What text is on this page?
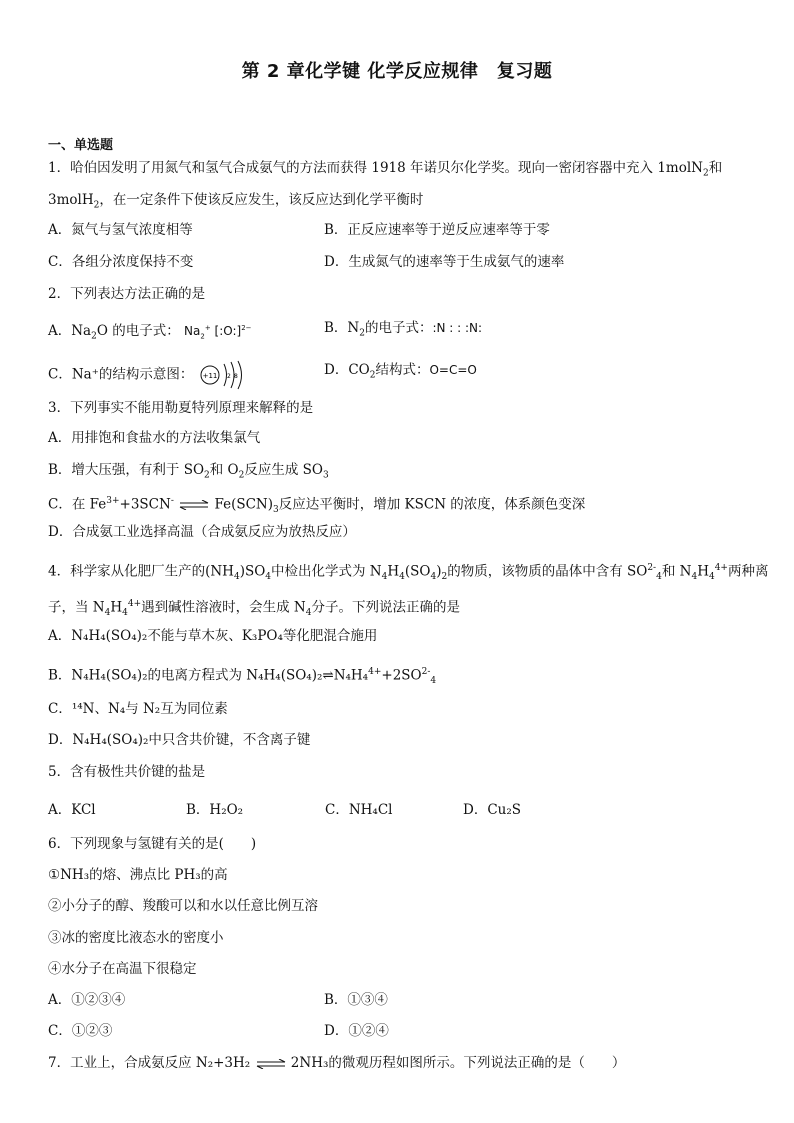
第 2 章化学键 化学反应规律　复习题
一、单选题
1．哈伯因发明了用氮气和氢气合成氨气的方法而获得 1918 年诺贝尔化学奖。现向一密闭容器中充入 1molN$_2$和
3molH$_2$，在一定条件下使该反应发生，该反应达到化学平衡时
A．氮气与氢气浓度相等	B．正反应速率等于逆反应速率等于零
C．各组分浓度保持不变	D．生成氮气的速率等于生成氨气的速率
2．下列表达方法正确的是
A．$Na_2O$ 的电子式： $Na_2^+$ [:O:]$^{2-}$	B．$N_2$的电子式：:N : : :N:
C．Na⁺的结构示意图： +11 2 8	D．$CO_2$结构式：O=C=O
3．下列事实不能用勒夏特列原理来解释的是
A．用排饱和食盐水的方法收集氯气
B．增大压强，有利于 $SO_2$和 $O_2$反应生成 $SO_3$
C．在 $Fe^{3+}+3SCN^-$ ⇌ $Fe(SCN)_3$反应达平衡时，增加 KSCN 的浓度，体系颜色变深
D．合成氨工业选择高温（合成氨反应为放热反应）
4．科学家从化肥厂生产的$(NH_4)SO_4$中检出化学式为 $N_4H_4(SO_4)_2$的物质，该物质的晶体中含有 $SO^{2-}_4$和 $N_4H_4^{4+}$两种离
子，当 $N_4H_4^{4+}$遇到碱性溶液时，会生成 $N_4$分子。下列说法正确的是
A．N₄H₄(SO₄)₂不能与草木灰、K₃PO₄等化肥混合施用
B．N₄H₄(SO₄)₂的电离方程式为 $N_4H_4(SO_4)_2\rightleftharpoons N_4H_4^{4+}+2SO^{2-}_4$
C．¹⁴N、N₄与 N₂互为同位素
D．N₄H₄(SO₄)₂中只含共价键，不含离子键
5．含有极性共价键的盐是
A．KCl	B．H₂O₂	C．NH₄Cl	D．Cu₂S
6．下列现象与氢键有关的是(　　)
①NH₃的熔、沸点比 PH₃的高
②小分子的醇、羧酸可以和水以任意比例互溶
③冰的密度比液态水的密度小
④水分子在高温下很稳定
A．①②③④	B．①③④
C．①②③	D．①②④
7．工业上，合成氨反应 N₂+3H₂ ⇌ 2NH₃的微观历程如图所示。下列说法正确的是（　　）
